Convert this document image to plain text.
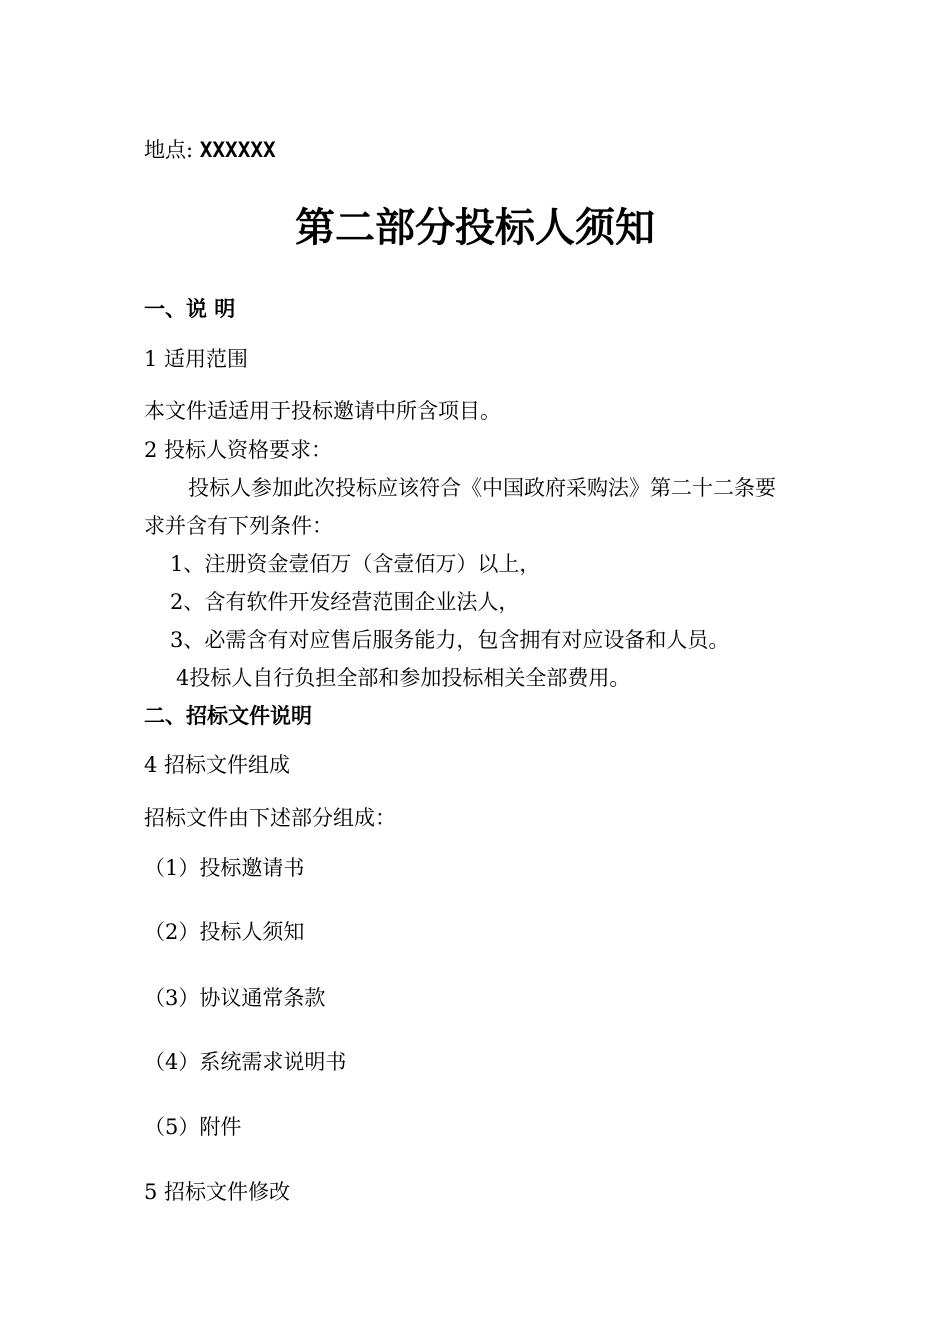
地点: XXXXXX
第二部分投标人须知
一、说 明
1 适用范围
本文件适适用于投标邀请中所含项目。
2 投标人资格要求：
投标人参加此次投标应该符合《中国政府采购法》第二十二条要
求并含有下列条件：
1、注册资金壹佰万（含壹佰万）以上，
2、含有软件开发经营范围企业法人，
3、必需含有对应售后服务能力，包含拥有对应设备和人员。
4投标人自行负担全部和参加投标相关全部费用。
二、招标文件说明
4 招标文件组成
招标文件由下述部分组成：
（1）投标邀请书
（2）投标人须知
（3）协议通常条款
（4）系统需求说明书
（5）附件
5 招标文件修改
